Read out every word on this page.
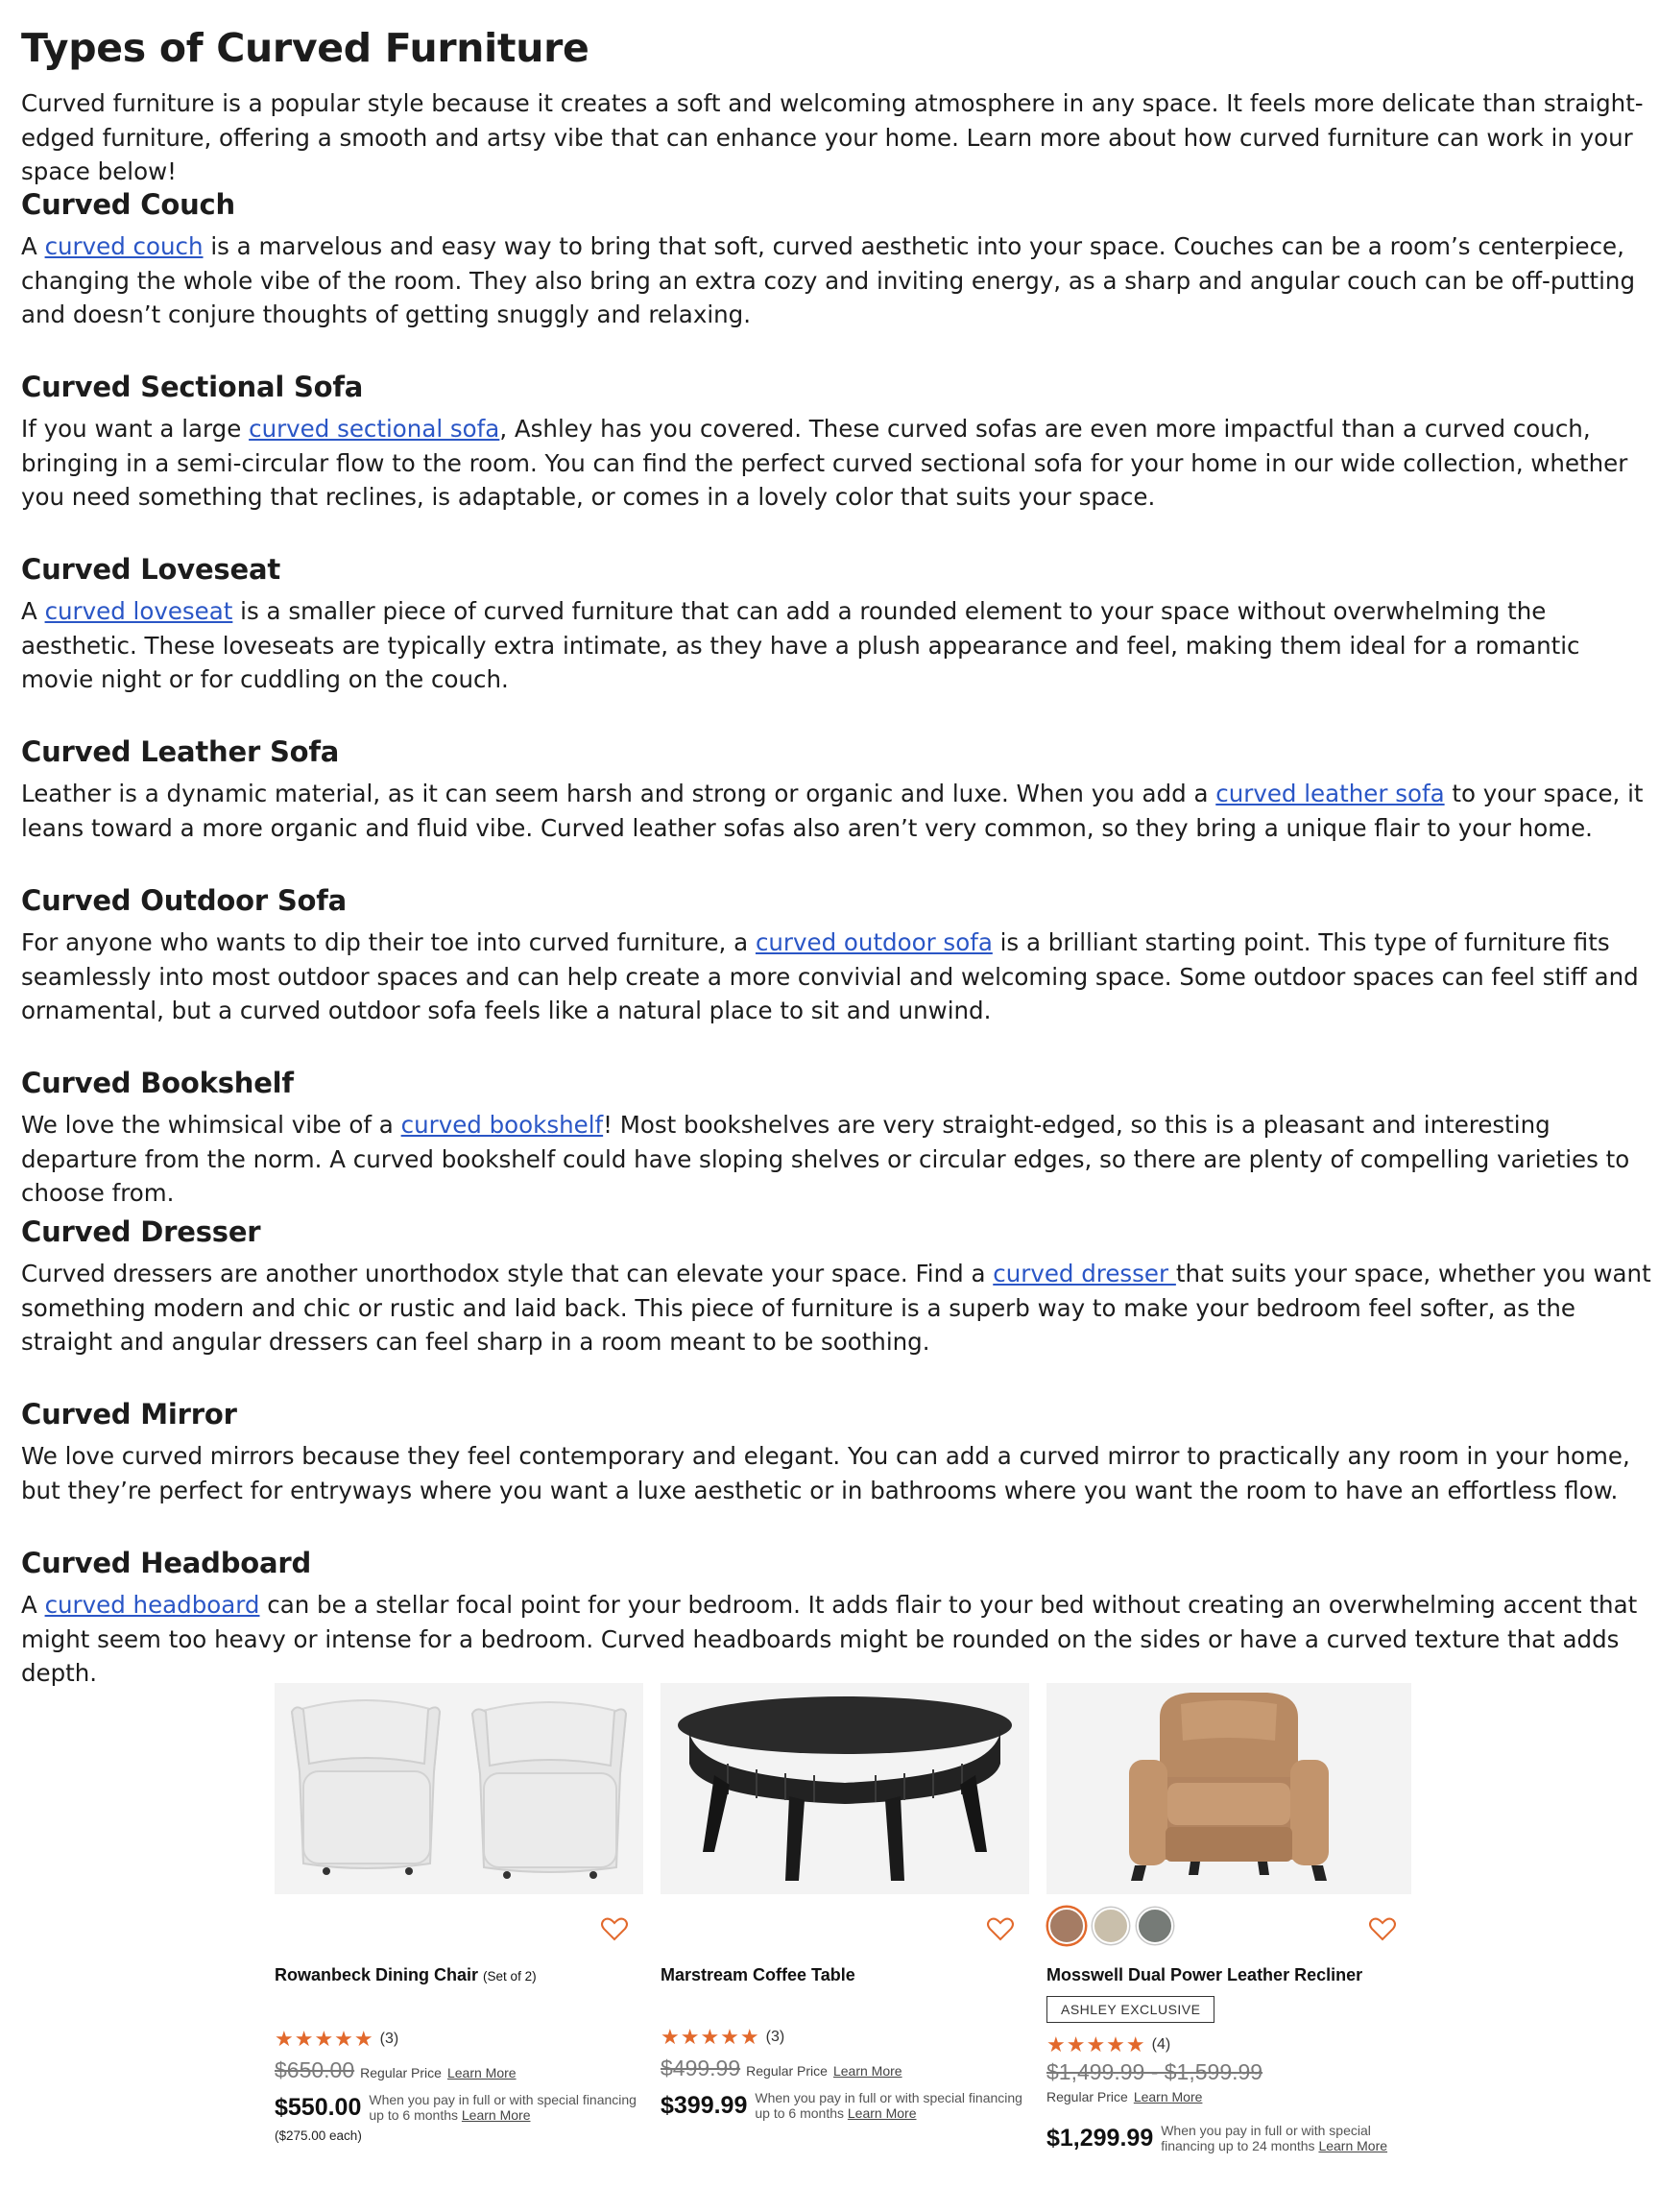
Types of Curved Furniture

Curved furniture is a popular style because it creates a soft and welcoming atmosphere in any space. It feels more delicate than straight-edged furniture, offering a smooth and artsy vibe that can enhance your home. Learn more about how curved furniture can work in your space below!

Curved Couch

A curved couch is a marvelous and easy way to bring that soft, curved aesthetic into your space. Couches can be a room’s centerpiece, changing the whole vibe of the room. They also bring an extra cozy and inviting energy, as a sharp and angular couch can be off-putting and doesn’t conjure thoughts of getting snuggly and relaxing.

Curved Sectional Sofa

If you want a large curved sectional sofa, Ashley has you covered. These curved sofas are even more impactful than a curved couch, bringing in a semi-circular flow to the room. You can find the perfect curved sectional sofa for your home in our wide collection, whether you need something that reclines, is adaptable, or comes in a lovely color that suits your space.

Curved Loveseat

A curved loveseat is a smaller piece of curved furniture that can add a rounded element to your space without overwhelming the aesthetic. These loveseats are typically extra intimate, as they have a plush appearance and feel, making them ideal for a romantic movie night or for cuddling on the couch.

Curved Leather Sofa

Leather is a dynamic material, as it can seem harsh and strong or organic and luxe. When you add a curved leather sofa to your space, it leans toward a more organic and fluid vibe. Curved leather sofas also aren’t very common, so they bring a unique flair to your home.

Curved Outdoor Sofa

For anyone who wants to dip their toe into curved furniture, a curved outdoor sofa is a brilliant starting point. This type of furniture fits seamlessly into most outdoor spaces and can help create a more convivial and welcoming space. Some outdoor spaces can feel stiff and ornamental, but a curved outdoor sofa feels like a natural place to sit and unwind.

Curved Bookshelf

We love the whimsical vibe of a curved bookshelf! Most bookshelves are very straight-edged, so this is a pleasant and interesting departure from the norm. A curved bookshelf could have sloping shelves or circular edges, so there are plenty of compelling varieties to choose from.

Curved Dresser

Curved dressers are another unorthodox style that can elevate your space. Find a curved dresser that suits your space, whether you want something modern and chic or rustic and laid back. This piece of furniture is a superb way to make your bedroom feel softer, as the straight and angular dressers can feel sharp in a room meant to be soothing.

Curved Mirror

We love curved mirrors because they feel contemporary and elegant. You can add a curved mirror to practically any room in your home, but they’re perfect for entryways where you want a luxe aesthetic or in bathrooms where you want the room to have an effortless flow.

Curved Headboard

A curved headboard can be a stellar focal point for your bedroom. It adds flair to your bed without creating an overwhelming accent that might seem too heavy or intense for a bedroom. Curved headboards might be rounded on the sides or have a curved texture that adds depth.

Rowanbeck Dining Chair (Set of 2)
★★★★★ (3)
$650.00 Regular Price Learn More
$550.00 When you pay in full or with special financing up to 6 months Learn More
($275.00 each)
Marstream Coffee Table
★★★★★ (3)
$499.99 Regular Price Learn More
$399.99 When you pay in full or with special financing up to 6 months Learn More
Mosswell Dual Power Leather Recliner
ASHLEY EXCLUSIVE
★★★★★ (4)
$1,499.99 - $1,599.99
Regular Price Learn More
$1,299.99 When you pay in full or with special financing up to 24 months Learn More
